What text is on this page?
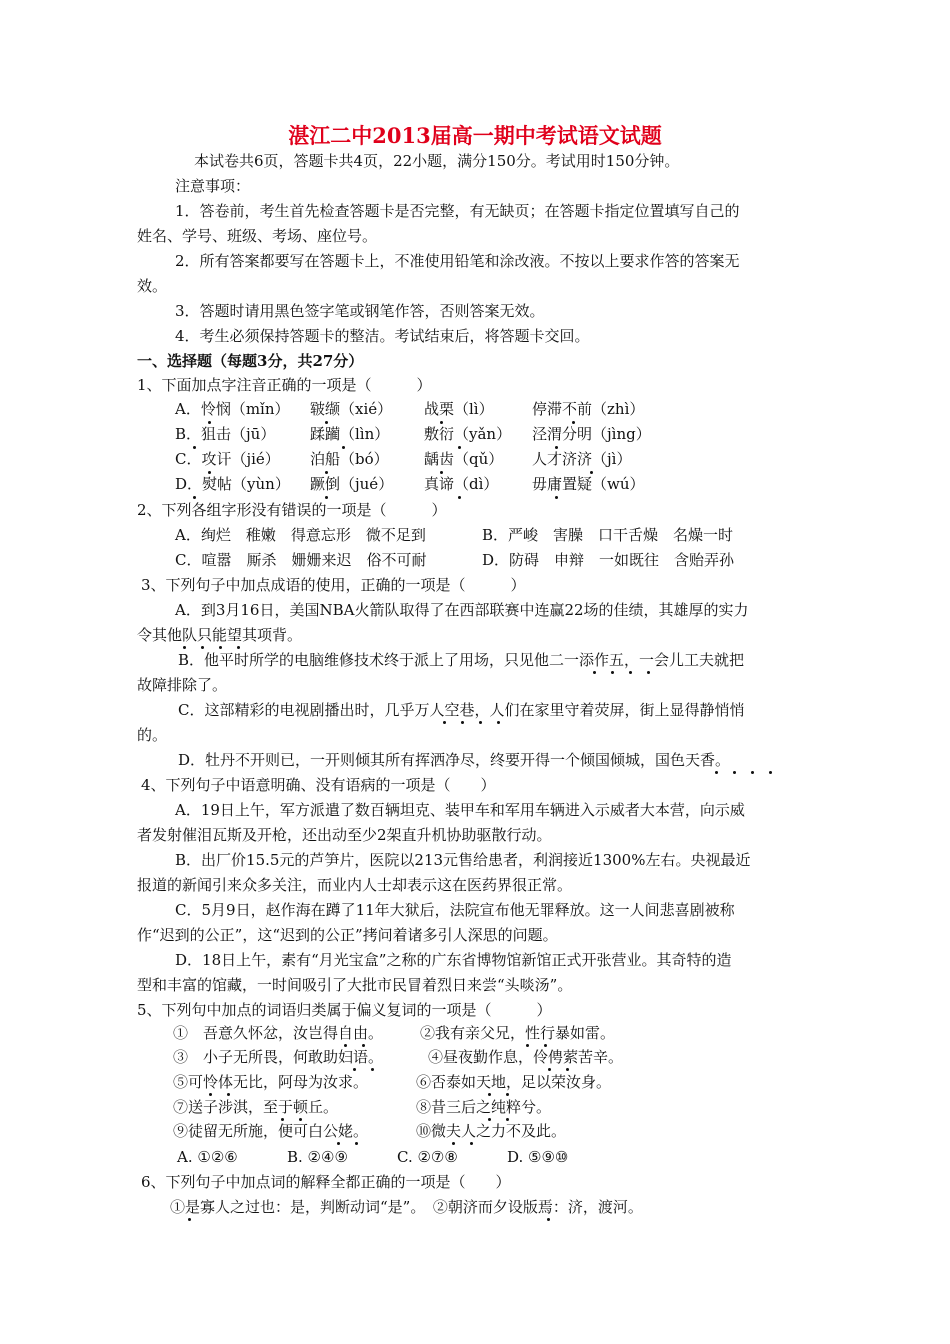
湛江二中2013届高一期中考试语文试题
本试卷共6页，答题卡共4页，22小题，满分150分。考试用时150分钟。
注意事项：
1．答卷前，考生首先检查答题卡是否完整，有无缺页；在答题卡指定位置填写自己的
姓名、学号、班级、考场、座位号。
2．所有答案都要写在答题卡上，不准使用铅笔和涂改液。不按以上要求作答的答案无
效。
3．答题时请用黑色签字笔或钢笔作答，否则答案无效。
4．考生必须保持答题卡的整洁。考试结束后，将答题卡交回。
一、选择题（每题3分，共27分）
1、下面加点字注音正确的一项是（　　　）
A．怜悯（mǐn） 皲缬（xié） 战栗（lì）	停滞不前（zhì）
B．狙击（jū） 蹂躏（lìn） 敷衍（yǎn） 泾渭分明（jìng）
C．攻讦（jié） 泊船（bó） 龋齿（qǔ） 人才济济（jì）
D．熨帖（yùn） 蹶倒（jué） 真谛（dì） 毋庸置疑（wú）
2、下列各组字形没有错误的一项是（　　　）
A．绚烂　稚嫩　得意忘形　微不足到	B．严峻　害臊　口干舌燥　名燥一时
C．喧嚣　厮杀　姗姗来迟　俗不可耐	D．防碍　申辩　一如既往　含贻弄孙
3、下列句子中加点成语的使用，正确的一项是（　　　）
A．到3月16日，美国NBA火箭队取得了在西部联赛中连赢22场的佳绩，其雄厚的实力
令其他队只能望其项背。
B．他平时所学的电脑维修技术终于派上了用场，只见他二一添作五，一会儿工夫就把
故障排除了。
C．这部精彩的电视剧播出时，几乎万人空巷，人们在家里守着荧屏，街上显得静悄悄
的。
D．牡丹不开则已，一开则倾其所有挥洒净尽，终要开得一个倾国倾城，国色天香。
4、下列句子中语意明确、没有语病的一项是（　　）
A．19日上午，军方派遣了数百辆坦克、装甲车和军用车辆进入示威者大本营，向示威
者发射催泪瓦斯及开枪，还出动至少2架直升机协助驱散行动。
B．出厂价15.5元的芦笋片，医院以213元售给患者，利润接近1300%左右。央视最近
报道的新闻引来众多关注，而业内人士却表示这在医药界很正常。
C．5月9日，赵作海在蹲了11年大狱后，法院宣布他无罪释放。这一人间悲喜剧被称
作“迟到的公正”，这“迟到的公正”拷问着诸多引人深思的问题。
D．18日上午，素有“月光宝盒”之称的广东省博物馆新馆正式开张营业。其奇特的造
型和丰富的馆藏，一时间吸引了大批市民冒着烈日来尝“头啖汤”。
5、下列句中加点的词语归类属于偏义复词的一项是（　　　）
①　吾意久怀忿，汝岂得自由。 ②我有亲父兄，性行暴如雷。
③　小子无所畏，何敢助妇语。	④昼夜勤作息，伶俜萦苦辛。
⑤可怜体无比，阿母为汝求。	⑥否泰如天地，足以荣汝身。
⑦送子涉淇，至于顿丘。	⑧昔三后之纯粹兮。
⑨徒留无所施，便可白公姥。	⑩微夫人之力不及此。
A. ①②⑥	B. ②④⑨	C. ②⑦⑧	D. ⑤⑨⑩
6、下列句子中加点词的解释全都正确的一项是（　　）
①是寡人之过也：是，判断动词“是”。　②朝济而夕设版焉：济，渡河。
